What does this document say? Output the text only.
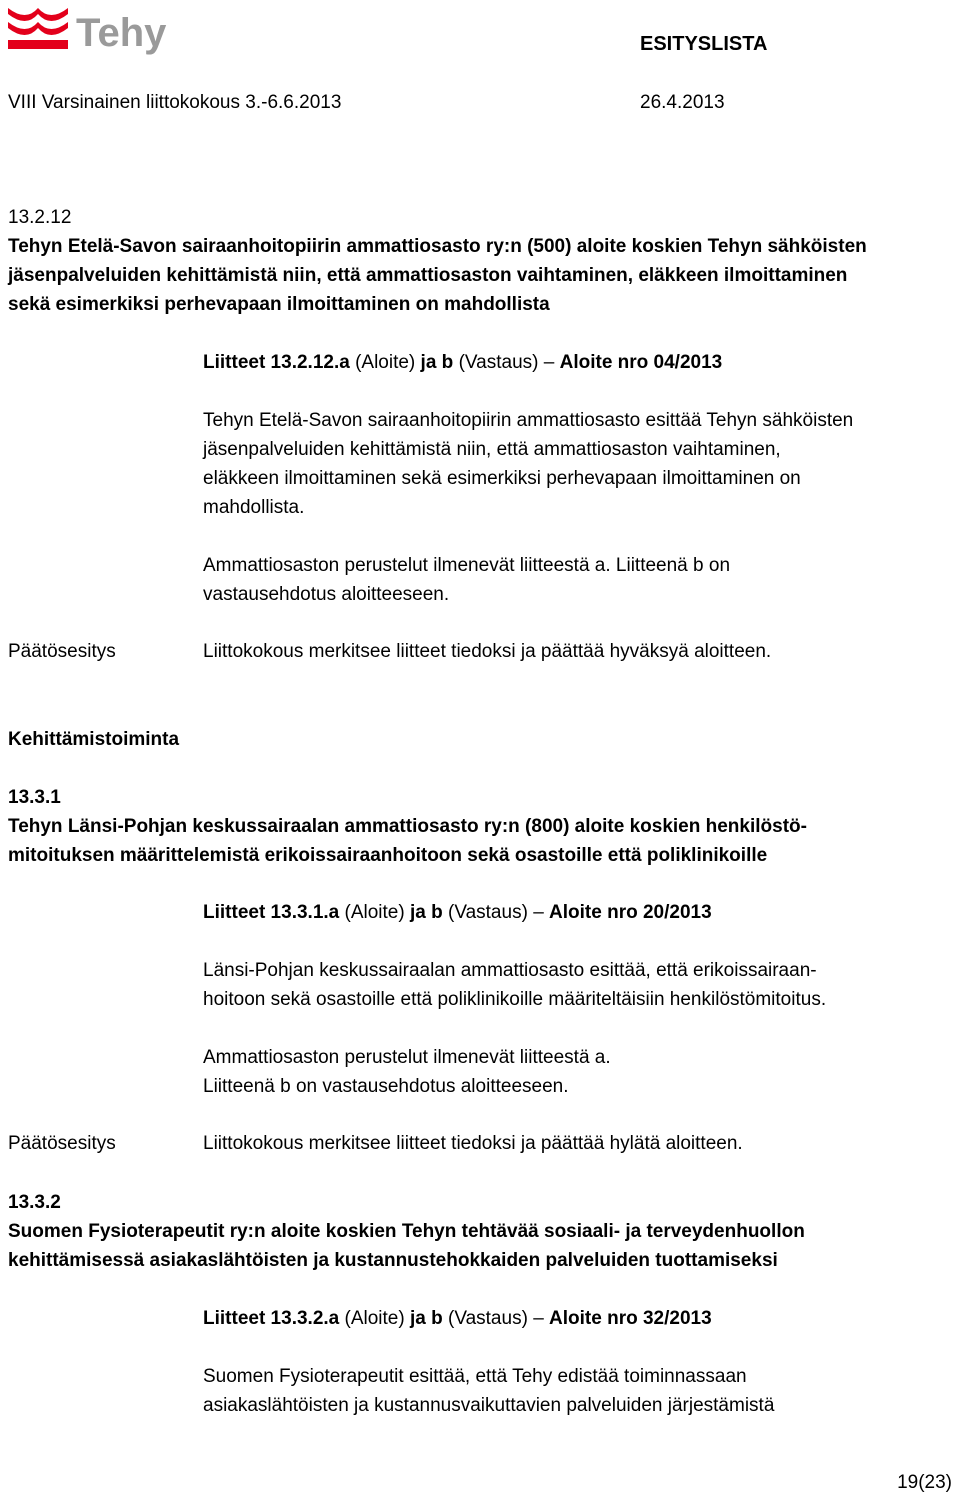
Tehy	ESITYSLISTA
VIII Varsinainen liittokokous 3.-6.6.2013	26.4.2013
13.2.12
Tehyn Etelä-Savon sairaanhoitopiirin ammattiosasto ry:n (500) aloite koskien Tehyn sähköisten
jäsenpalveluiden kehittämistä niin, että ammattiosaston vaihtaminen, eläkkeen ilmoittaminen
sekä esimerkiksi perhevapaan ilmoittaminen on mahdollista
Liitteet 13.2.12.a (Aloite) ja b (Vastaus) – Aloite nro 04/2013
Tehyn Etelä-Savon sairaanhoitopiirin ammattiosasto esittää Tehyn sähköisten
jäsenpalveluiden kehittämistä niin, että ammattiosaston vaihtaminen,
eläkkeen ilmoittaminen sekä esimerkiksi perhevapaan ilmoittaminen on
mahdollista.
Ammattiosaston perustelut ilmenevät liitteestä a. Liitteenä b on
vastausehdotus aloitteeseen.
Päätösesitys	Liittokokous merkitsee liitteet tiedoksi ja päättää hyväksyä aloitteen.
Kehittämistoiminta
13.3.1
Tehyn Länsi-Pohjan keskussairaalan ammattiosasto ry:n (800) aloite koskien henkilöstö-
mitoituksen määrittelemistä erikoissairaanhoitoon sekä osastoille että poliklinikoille
Liitteet 13.3.1.a (Aloite) ja b (Vastaus) – Aloite nro 20/2013
Länsi-Pohjan keskussairaalan ammattiosasto esittää, että erikoissairaan-
hoitoon sekä osastoille että poliklinikoille määriteltäisiin henkilöstömitoitus.
Ammattiosaston perustelut ilmenevät liitteestä a.
Liitteenä b on vastausehdotus aloitteeseen.
Päätösesitys	Liittokokous merkitsee liitteet tiedoksi ja päättää hylätä aloitteen.
13.3.2
Suomen Fysioterapeutit ry:n aloite koskien Tehyn tehtävää sosiaali- ja terveydenhuollon
kehittämisessä asiakaslähtöisten ja kustannustehokkaiden palveluiden tuottamiseksi
Liitteet 13.3.2.a (Aloite) ja b (Vastaus) – Aloite nro 32/2013
Suomen Fysioterapeutit esittää, että Tehy edistää toiminnassaan
asiakaslähtöisten ja kustannusvaikuttavien palveluiden järjestämistä
19(23)
